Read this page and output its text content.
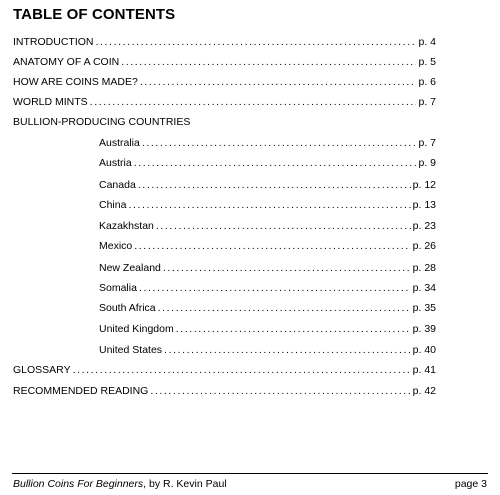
TABLE OF CONTENTS
INTRODUCTION .....	p. 4
ANATOMY OF A COIN .....	p. 5
HOW ARE COINS MADE? .....	p. 6
WORLD MINTS .....	p. 7
BULLION-PRODUCING COUNTRIES
Australia .....	p. 7
Austria .....	p. 9
Canada .....	p. 12
China .....	p. 13
Kazakhstan .....	p. 23
Mexico .....	p. 26
New Zealand .....	p. 28
Somalia .....	p. 34
South Africa .....	p. 35
United Kingdom .....	p. 39
United States .....	p. 40
GLOSSARY .....	p. 41
RECOMMENDED READING .....	p. 42
Bullion Coins For Beginners, by R. Kevin Paul	page 3
